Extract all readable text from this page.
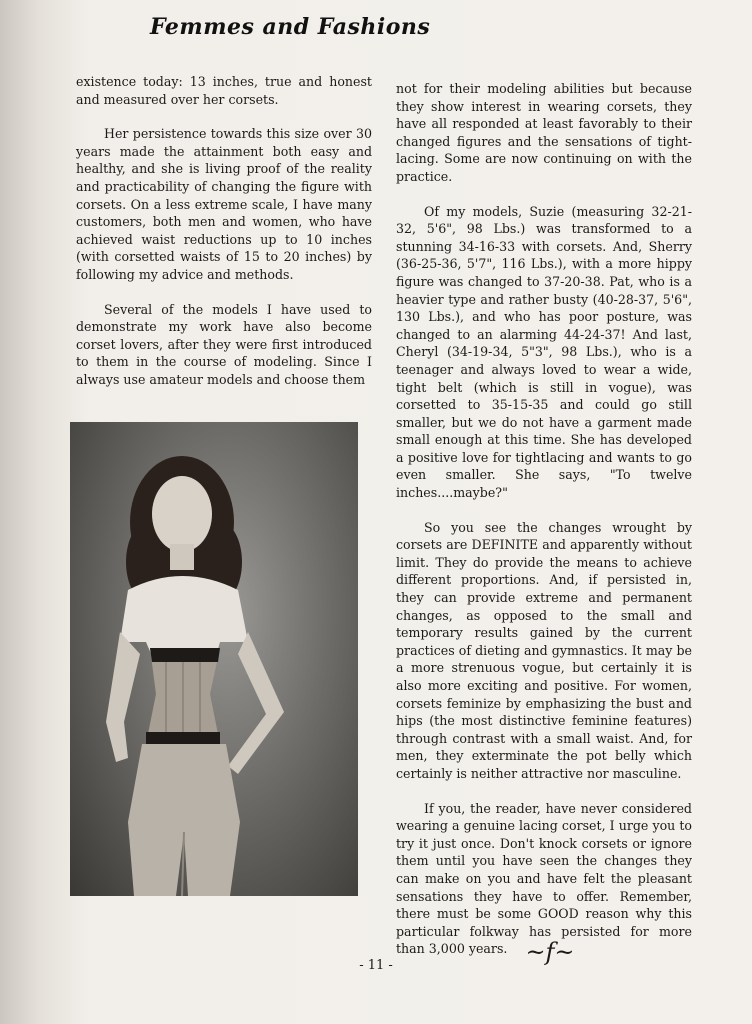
Femmes and Fashions

existence today: 13 inches, true and honest and measured over her corsets.

Her persistence towards this size over 30 years made the attainment both easy and healthy, and she is living proof of the reality and practicability of changing the figure with corsets. On a less extreme scale, I have many customers, both men and women, who have achieved waist reductions up to 10 inches (with corsetted waists of 15 to 20 inches) by following my advice and methods.

Several of the models I have used to demonstrate my work have also become corset lovers, after they were first introduced to them in the course of modeling. Since I always use amateur models and choose them

not for their modeling abilities but because they show interest in wearing corsets, they have all responded at least favorably to their changed figures and the sensations of tight-lacing. Some are now continuing on with the practice.

Of my models, Suzie (measuring 32-21-32, 5'6", 98 Lbs.) was transformed to a stunning 34-16-33 with corsets. And, Sherry (36-25-36, 5'7", 116 Lbs.), with a more hippy figure was changed to 37-20-38. Pat, who is a heavier type and rather busty (40-28-37, 5'6", 130 Lbs.), and who has poor posture, was changed to an alarming 44-24-37! And last, Cheryl (34-19-34, 5"3", 98 Lbs.), who is a teenager and always loved to wear a wide, tight belt (which is still in vogue), was corsetted to 35-15-35 and could go still smaller, but we do not have a garment made small enough at this time. She has developed a positive love for tightlacing and wants to go even smaller. She says, "To twelve inches....maybe?"

So you see the changes wrought by corsets are DEFINITE and apparently without limit. They do provide the means to achieve different proportions. And, if persisted in, they can provide extreme and permanent changes, as opposed to the small and temporary results gained by the current practices of dieting and gymnastics. It may be a more strenuous vogue, but certainly it is also more exciting and positive. For women, corsets feminize by emphasizing the bust and hips (the most distinctive feminine features) through contrast with a small waist. And, for men, they exterminate the pot belly which certainly is neither attractive nor masculine.

If you, the reader, have never considered wearing a genuine lacing corset, I urge you to try it just once. Don't knock corsets or ignore them until you have seen the changes they can make on you and have felt the pleasant sensations they have to offer. Remember, there must be some GOOD reason why this particular folkway has persisted for more than 3,000 years. ~f~
- 11 -
